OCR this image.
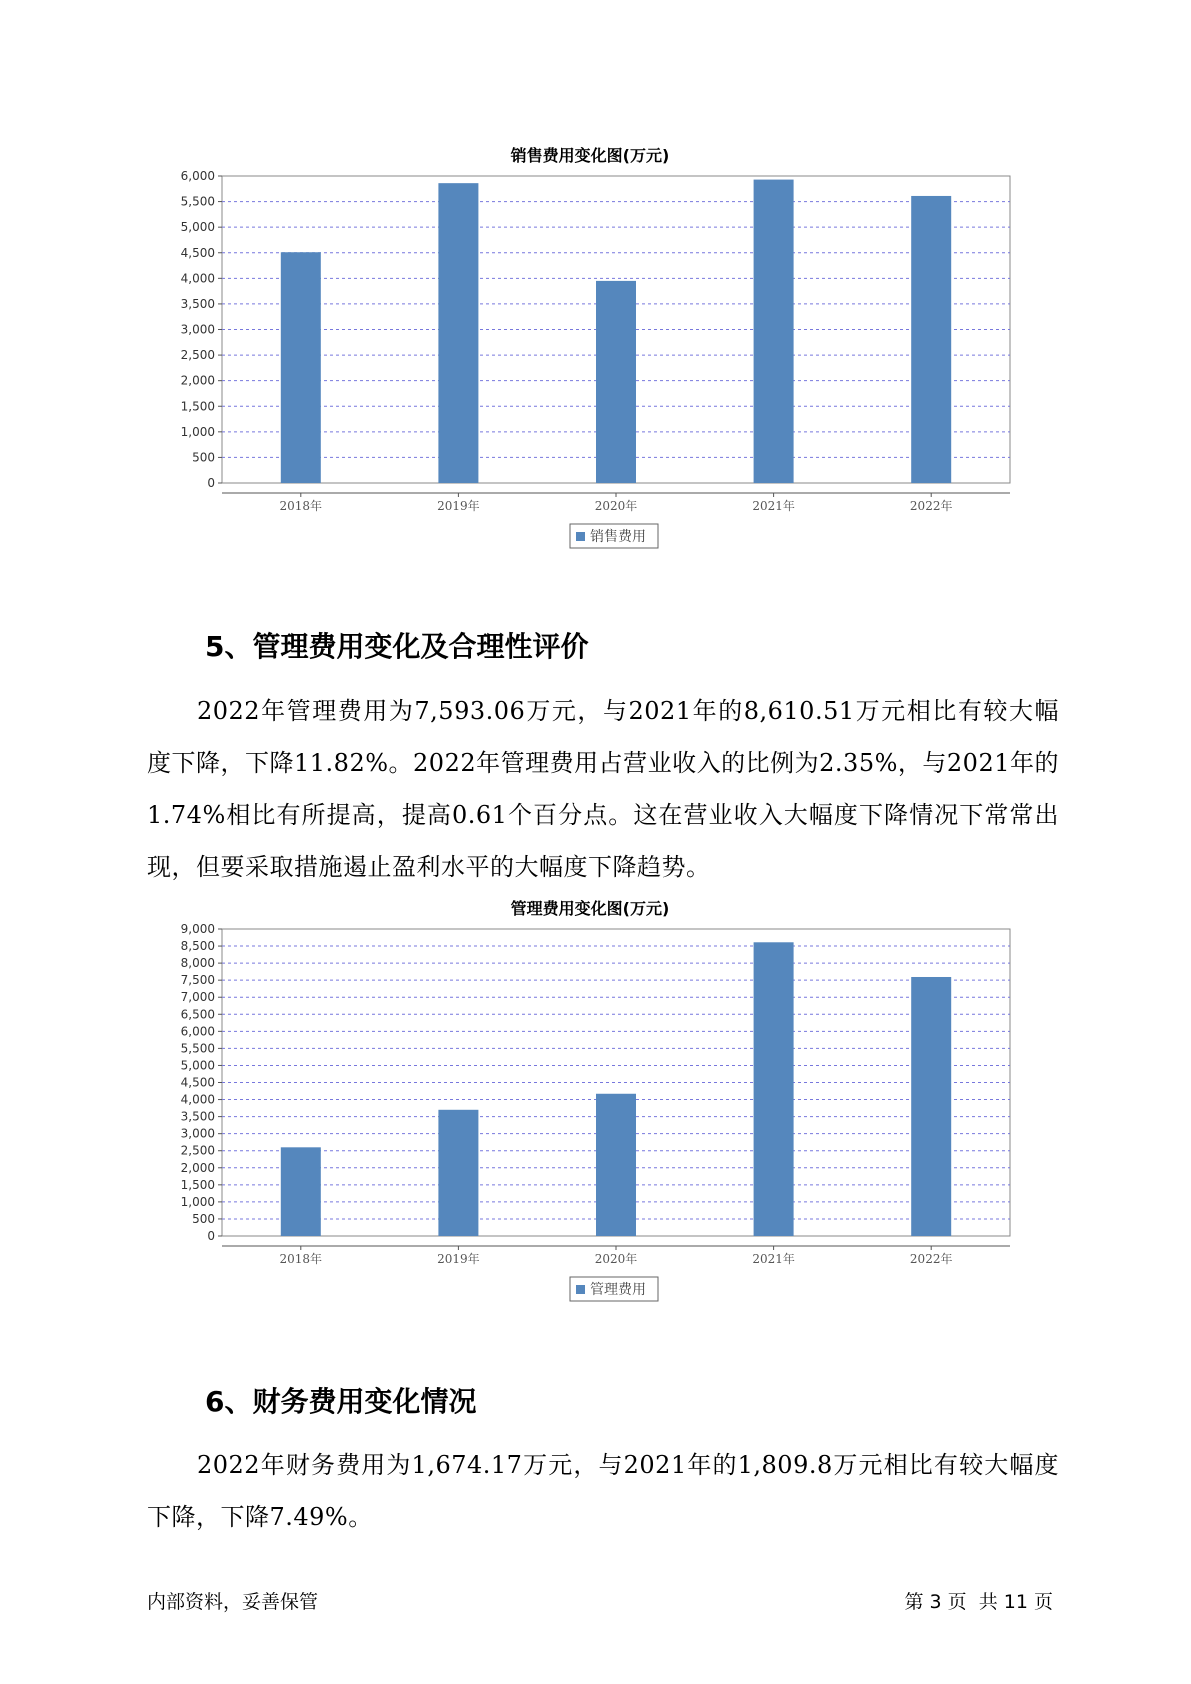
销售费用变化图(万元)
0
500
1,000
1,500
2,000
2,500
3,000
3,500
4,000
4,500
5,000
5,500
6,000
2018年	2019年	2020年	2021年	2022年
销售费用
5、管理费用变化及合理性评价

2022年管理费用为7,593.06万元，与2021年的8,610.51万元相比有较大幅度下降，下降11.82%。2022年管理费用占营业收入的比例为2.35%，与2021年的1.74%相比有所提高，提高0.61个百分点。这在营业收入大幅度下降情况下常常出现，但要采取措施遏止盈利水平的大幅度下降趋势。

管理费用变化图(万元)
0
500
1,000
1,500
2,000
2,500
3,000
3,500
4,000
4,500
5,000
5,500
6,000
6,500
7,000
7,500
8,000
8,500
9,000
2018年	2019年	2020年	2021年	2022年
管理费用
6、财务费用变化情况

2022年财务费用为1,674.17万元，与2021年的1,809.8万元相比有较大幅度下降，下降7.49%。

内部资料，妥善保管	第 3 页  共 11 页
